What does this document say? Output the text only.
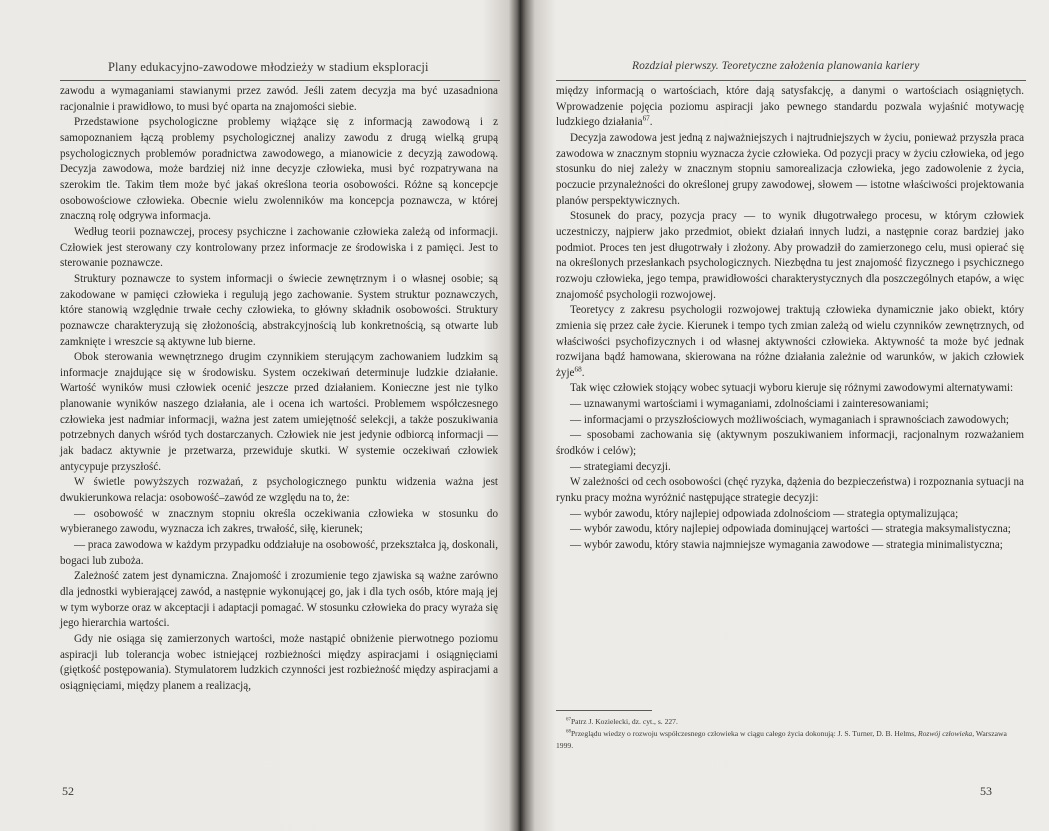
Plany edukacyjno-zawodowe młodzieży w stadium eksploracji

zawodu a wymaganiami stawianymi przez zawód. Jeśli zatem decyzja ma być uzasadniona racjonalnie i prawidłowo, to musi być oparta na znajomości siebie.

Przedstawione psychologiczne problemy wiążące się z informacją zawodową i z samopoznaniem łączą problemy psychologicznej analizy zawodu z drugą wielką grupą psychologicznych problemów poradnictwa zawodowego, a mianowicie z decyzją zawodową. Decyzja zawodowa, może bardziej niż inne decyzje człowieka, musi być rozpatrywana na szerokim tle. Takim tłem może być jakaś określona teoria osobowości. Różne są koncepcje osobowościowe człowieka. Obecnie wielu zwolenników ma koncepcja poznawcza, w której znaczną rolę odgrywa informacja.

Według teorii poznawczej, procesy psychiczne i zachowanie człowieka zależą od informacji. Człowiek jest sterowany czy kontrolowany przez informacje ze środowiska i z pamięci. Jest to sterowanie poznawcze.

Struktury poznawcze to system informacji o świecie zewnętrznym i o własnej osobie; są zakodowane w pamięci człowieka i regulują jego zachowanie. System struktur poznawczych, które stanowią względnie trwałe cechy człowieka, to główny składnik osobowości. Struktury poznawcze charakteryzują się złożonością, abstrakcyjnością lub konkretnością, są otwarte lub zamknięte i wreszcie są aktywne lub bierne.

Obok sterowania wewnętrznego drugim czynnikiem sterującym zachowaniem ludzkim są informacje znajdujące się w środowisku. System oczekiwań determinuje ludzkie działanie. Wartość wyników musi człowiek ocenić jeszcze przed działaniem. Konieczne jest nie tylko planowanie wyników naszego działania, ale i ocena ich wartości. Problemem współczesnego człowieka jest nadmiar informacji, ważna jest zatem umiejętność selekcji, a także poszukiwania potrzebnych danych wśród tych dostarczanych. Człowiek nie jest jedynie odbiorcą informacji — jak badacz aktywnie je przetwarza, przewiduje skutki. W systemie oczekiwań człowiek antycypuje przyszłość.

W świetle powyższych rozważań, z psychologicznego punktu widzenia ważna jest dwukierunkowa relacja: osobowość–zawód ze względu na to, że:

— osobowość w znacznym stopniu określa oczekiwania człowieka w stosunku do wybieranego zawodu, wyznacza ich zakres, trwałość, siłę, kierunek;

— praca zawodowa w każdym przypadku oddziałuje na osobowość, przekształca ją, doskonali, bogaci lub zuboża.

Zależność zatem jest dynamiczna. Znajomość i zrozumienie tego zjawiska są ważne zarówno dla jednostki wybierającej zawód, a następnie wykonującej go, jak i dla tych osób, które mają jej w tym wyborze oraz w akceptacji i adaptacji pomagać. W stosunku człowieka do pracy wyraża się jego hierarchia wartości.

Gdy nie osiąga się zamierzonych wartości, może nastąpić obniżenie pierwotnego poziomu aspiracji lub tolerancja wobec istniejącej rozbieżności między aspiracjami i osiągnięciami (giętkość postępowania). Stymulatorem ludzkich czynności jest rozbieżność między aspiracjami a osiągnięciami, między planem a realizacją,

52
Rozdział pierwszy. Teoretyczne założenia planowania kariery

między informacją o wartościach, które dają satysfakcję, a danymi o wartościach osiągniętych. Wprowadzenie pojęcia poziomu aspiracji jako pewnego standardu pozwala wyjaśnić motywację ludzkiego działania$^{67}$.

Decyzja zawodowa jest jedną z najważniejszych i najtrudniejszych w życiu, ponieważ przyszła praca zawodowa w znacznym stopniu wyznacza życie człowieka. Od pozycji pracy w życiu człowieka, od jego stosunku do niej zależy w znacznym stopniu samorealizacja człowieka, jego zadowolenie z życia, poczucie przynależności do określonej grupy zawodowej, słowem — istotne właściwości projektowania planów perspektywicznych.

Stosunek do pracy, pozycja pracy — to wynik długotrwałego procesu, w którym człowiek uczestniczy, najpierw jako przedmiot, obiekt działań innych ludzi, a następnie coraz bardziej jako podmiot. Proces ten jest długotrwały i złożony. Aby prowadził do zamierzonego celu, musi opierać się na określonych przesłankach psychologicznych. Niezbędna tu jest znajomość fizycznego i psychicznego rozwoju człowieka, jego tempa, prawidłowości charakterystycznych dla poszczególnych etapów, a więc znajomość psychologii rozwojowej.

Teoretycy z zakresu psychologii rozwojowej traktują człowieka dynamicznie jako obiekt, który zmienia się przez całe życie. Kierunek i tempo tych zmian zależą od wielu czynników zewnętrznych, od właściwości psychofizycznych i od własnej aktywności człowieka. Aktywność ta może być jednak rozwijana bądź hamowana, skierowana na różne działania zależnie od warunków, w jakich człowiek żyje$^{68}$.

Tak więc człowiek stojący wobec sytuacji wyboru kieruje się różnymi zawodowymi alternatywami:

— uznawanymi wartościami i wymaganiami, zdolnościami i zainteresowaniami;

— informacjami o przyszłościowych możliwościach, wymaganiach i sprawnościach zawodowych;

— sposobami zachowania się (aktywnym poszukiwaniem informacji, racjonalnym rozważaniem środków i celów);

— strategiami decyzji.

W zależności od cech osobowości (chęć ryzyka, dążenia do bezpieczeństwa) i rozpoznania sytuacji na rynku pracy można wyróżnić następujące strategie decyzji:

— wybór zawodu, który najlepiej odpowiada zdolnościom — strategia optymalizująca;

— wybór zawodu, który najlepiej odpowiada dominującej wartości — strategia maksymalistyczna;

— wybór zawodu, który stawia najmniejsze wymagania zawodowe — strategia minimalistyczna;

$^{67}$Patrz J. Kozielecki, dz. cyt., s. 227.

$^{68}$Przeglądu wiedzy o rozwoju współczesnego człowieka w ciągu całego życia dokonują: J. S. Turner, D. B. Helms, Rozwój człowieka, Warszawa 1999.

53
